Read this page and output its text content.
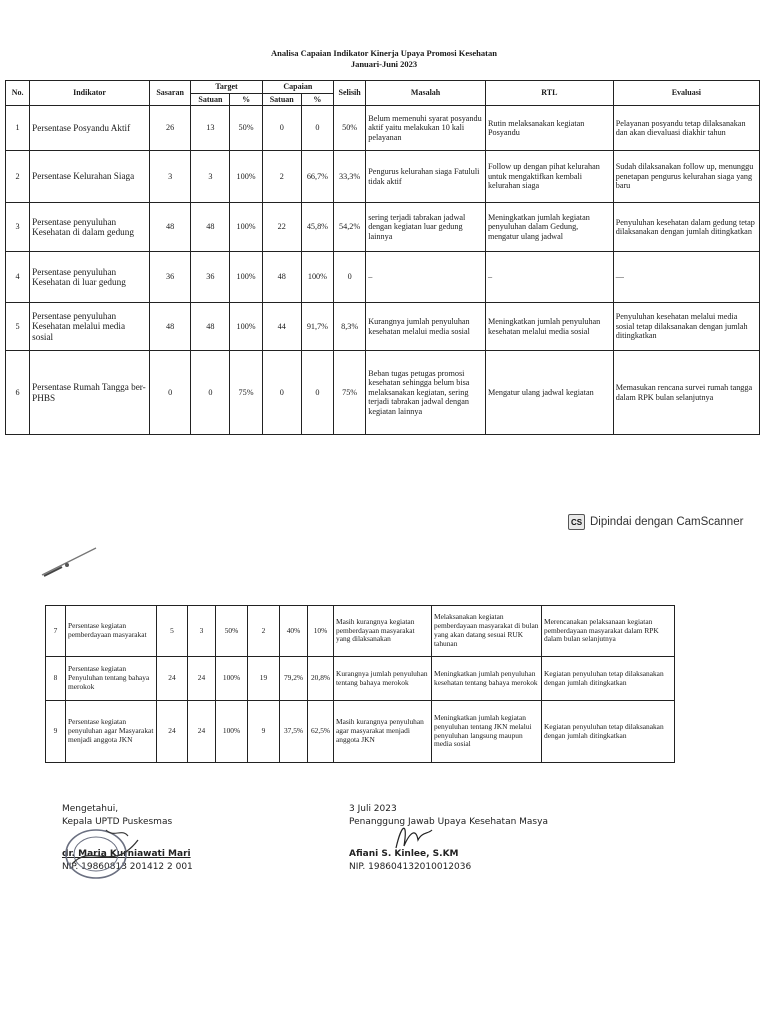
Analisa Capaian Indikator Kinerja Upaya Promosi Kesehatan
Januari-Juni 2023
No.	Indikator	Sasaran	Target		Capaian		Selisih	Masalah	RTL	Evaluasi
			Satuan	%	Satuan	%				
1	Persentase Posyandu Aktif	26	13	50%	0	0	50%	Belum memenuhi syarat posyandu aktif yaitu melakukan 10 kali pelayanan	Rutin melaksanakan kegiatan Posyandu	Pelayanan posyandu tetap dilaksanakan dan akan dievaluasi diakhir tahun
2	Persentase Kelurahan Siaga	3	3	100%	2	66,7%	33,3%	Pengurus kelurahan siaga Fatululi tidak aktif	Follow up dengan pihat kelurahan untuk mengaktifkan kembali kelurahan siaga	Sudah dilaksanakan follow up, menunggu penetapan pengurus kelurahan siaga yang baru
3	Persentase penyuluhan Kesehatan di dalam gedung	48	48	100%	22	45,8%	54,2%	sering terjadi tabrakan jadwal dengan kegiatan luar gedung lainnya	Meningkatkan jumlah kegiatan penyuluhan dalam Gedung, mengatur ulang jadwal	Penyuluhan kesehatan dalam gedung tetap dilaksanakan dengan jumlah ditingkatkan
4	Persentase penyuluhan Kesehatan di luar gedung	36	36	100%	48	100%	0	–	–	—
5	Persentase penyuluhan Kesehatan melalui media sosial	48	48	100%	44	91,7%	8,3%	Kurangnya jumlah penyuluhan kesehatan melalui media sosial	Meningkatkan jumlah penyuluhan kesehatan melalui media sosial	Penyuluhan kesehatan melalui media sosial tetap dilaksanakan dengan jumlah ditingkatkan
6	Persentase Rumah Tangga ber-PHBS	0	0	75%	0	0	75%	Beban tugas petugas promosi kesehatan sehingga belum bisa melaksanakan kegiatan, sering terjadi tabrakan jadwal dengan kegiatan lainnya	Mengatur ulang jadwal kegiatan	Memasukan rencana survei rumah tangga dalam RPK bulan selanjutnya
CS Dipindai dengan CamScanner
7	Persentase kegiatan pemberdayaan masyarakat	5	3	50%	2	40%	10%	Masih kurangnya kegiatan pemberdayaan masyarakat yang dilaksanakan	Melaksanakan kegiatan pemberdayaan masyarakat di bulan yang akan datang sesuai RUK tahunan	Merencanakan pelaksanaan kegiatan pemberdayaan masyarakat dalam RPK dalam bulan selanjutnya
8	Persentase kegiatan Penyuluhan tentang bahaya merokok	24	24	100%	19	79,2%	20,8%	Kurangnya jumlah penyuluhan tentang bahaya merokok	Meningkatkan jumlah penyuluhan kesehatan tentang bahaya merokok	Kegiatan penyuluhan tetap dilaksanakan dengan jumlah ditingkatkan
9	Persentase kegiatan penyuluhan agar Masyarakat menjadi anggota JKN	24	24	100%	9	37,5%	62,5%	Masih kurangnya penyuluhan agar masyarakat menjadi anggota JKN	Meningkatkan jumlah kegiatan penyuluhan tentang JKN melalui penyuluhan langsung maupun media sosial	Kegiatan penyuluhan tetap dilaksanakan dengan jumlah ditingkatkan
Mengetahui,
Kepala UPTD Puskesmas
dr. Maria Kurniawati Mari
NIP. 19860813 201412 2 001
3 Juli 2023
Penanggung Jawab Upaya Kesehatan Masya
Afiani S. Kinlee, S.KM
NIP. 198604132010012036
